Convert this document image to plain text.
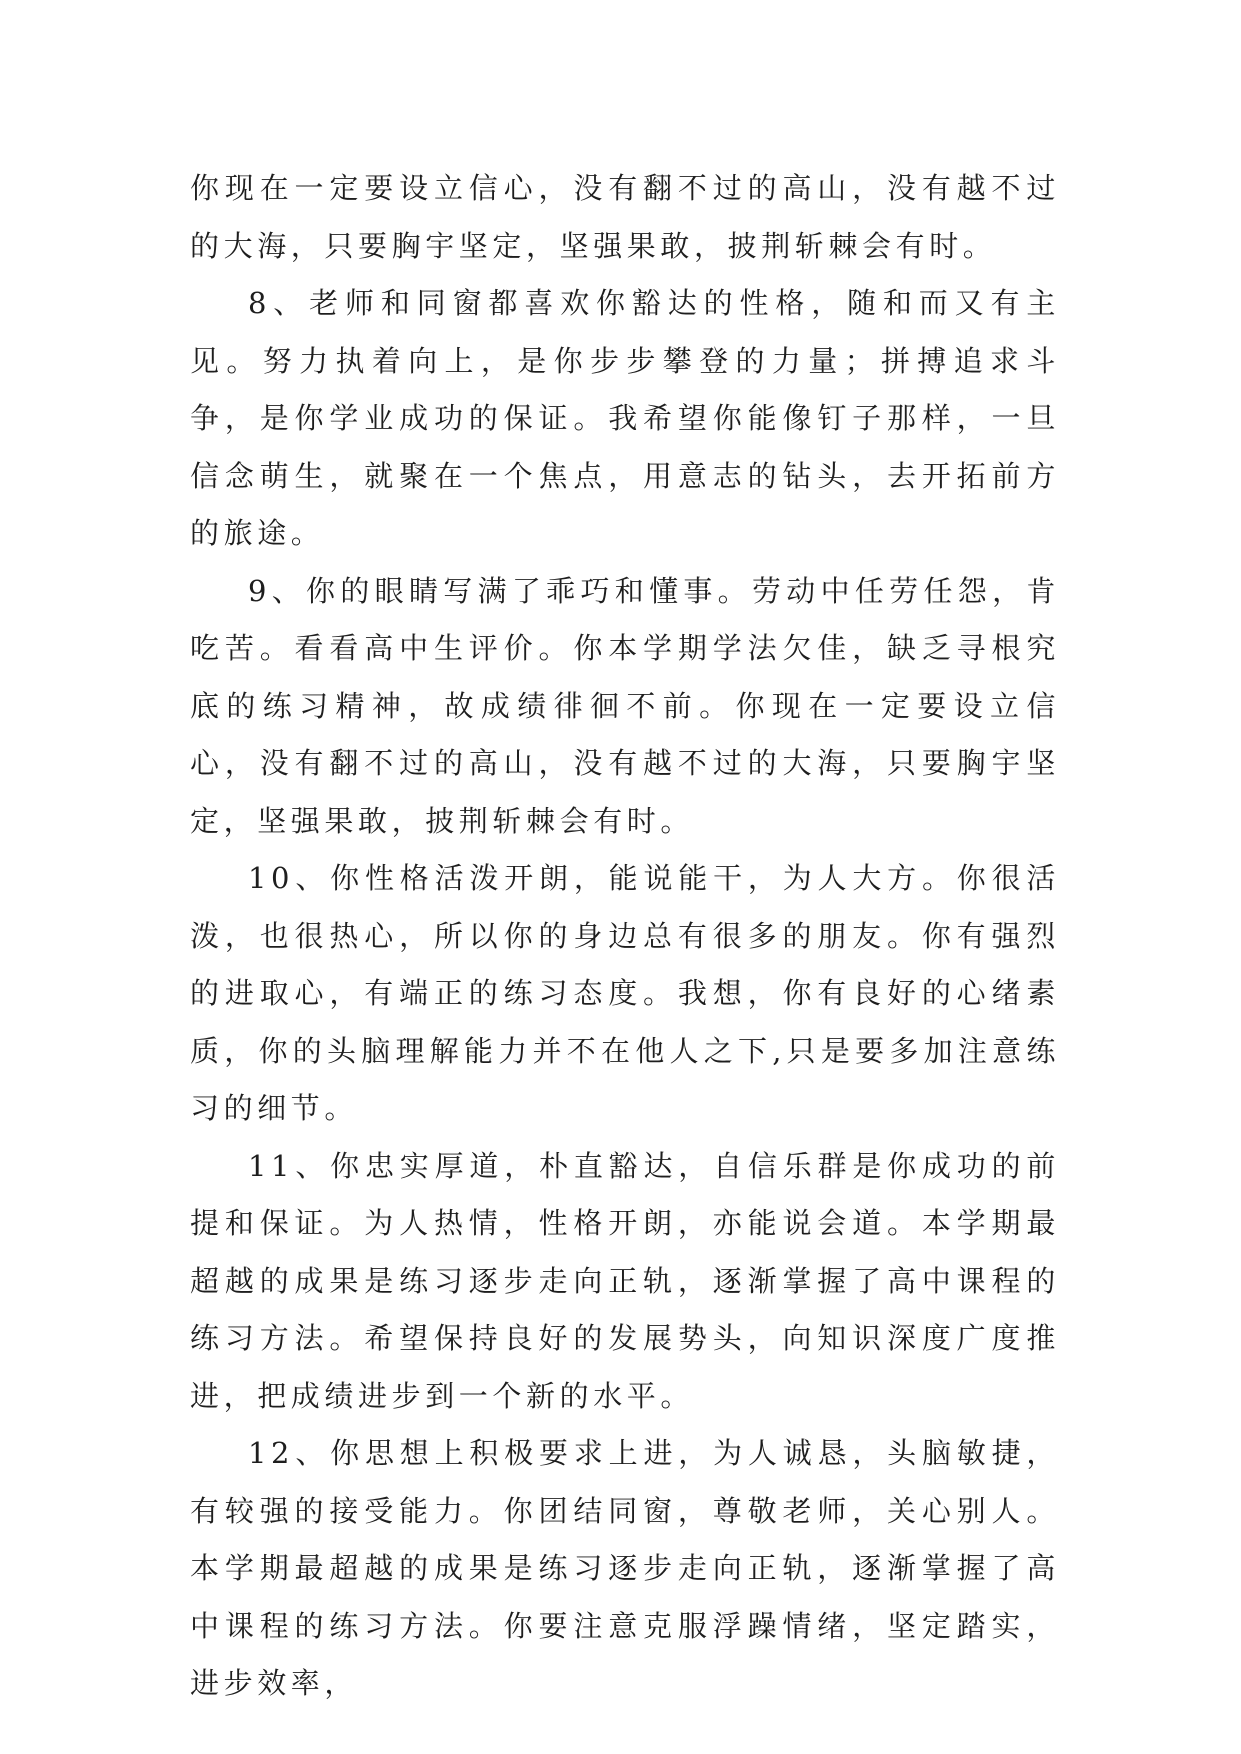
你现在一定要设立信心，没有翻不过的高山，没有越不过的大海，只要胸宇坚定，坚强果敢，披荆斩棘会有时。

8、老师和同窗都喜欢你豁达的性格，随和而又有主见。努力执着向上，是你步步攀登的力量；拼搏追求斗争，是你学业成功的保证。我希望你能像钉子那样，一旦信念萌生，就聚在一个焦点，用意志的钻头，去开拓前方的旅途。

9、你的眼睛写满了乖巧和懂事。劳动中任劳任怨，肯吃苦。看看高中生评价。你本学期学法欠佳，缺乏寻根究底的练习精神，故成绩徘徊不前。你现在一定要设立信心，没有翻不过的高山，没有越不过的大海，只要胸宇坚定，坚强果敢，披荆斩棘会有时。

10、你性格活泼开朗，能说能干，为人大方。你很活泼，也很热心，所以你的身边总有很多的朋友。你有强烈的进取心，有端正的练习态度。我想，你有良好的心绪素质，你的头脑理解能力并不在他人之下,只是要多加注意练习的细节。

11、你忠实厚道，朴直豁达，自信乐群是你成功的前提和保证。为人热情，性格开朗，亦能说会道。本学期最超越的成果是练习逐步走向正轨，逐渐掌握了高中课程的练习方法。希望保持良好的发展势头，向知识深度广度推进，把成绩进步到一个新的水平。

12、你思想上积极要求上进，为人诚恳，头脑敏捷，有较强的接受能力。你团结同窗，尊敬老师，关心别人。本学期最超越的成果是练习逐步走向正轨，逐渐掌握了高中课程的练习方法。你要注意克服浮躁情绪，坚定踏实，进步效率，
